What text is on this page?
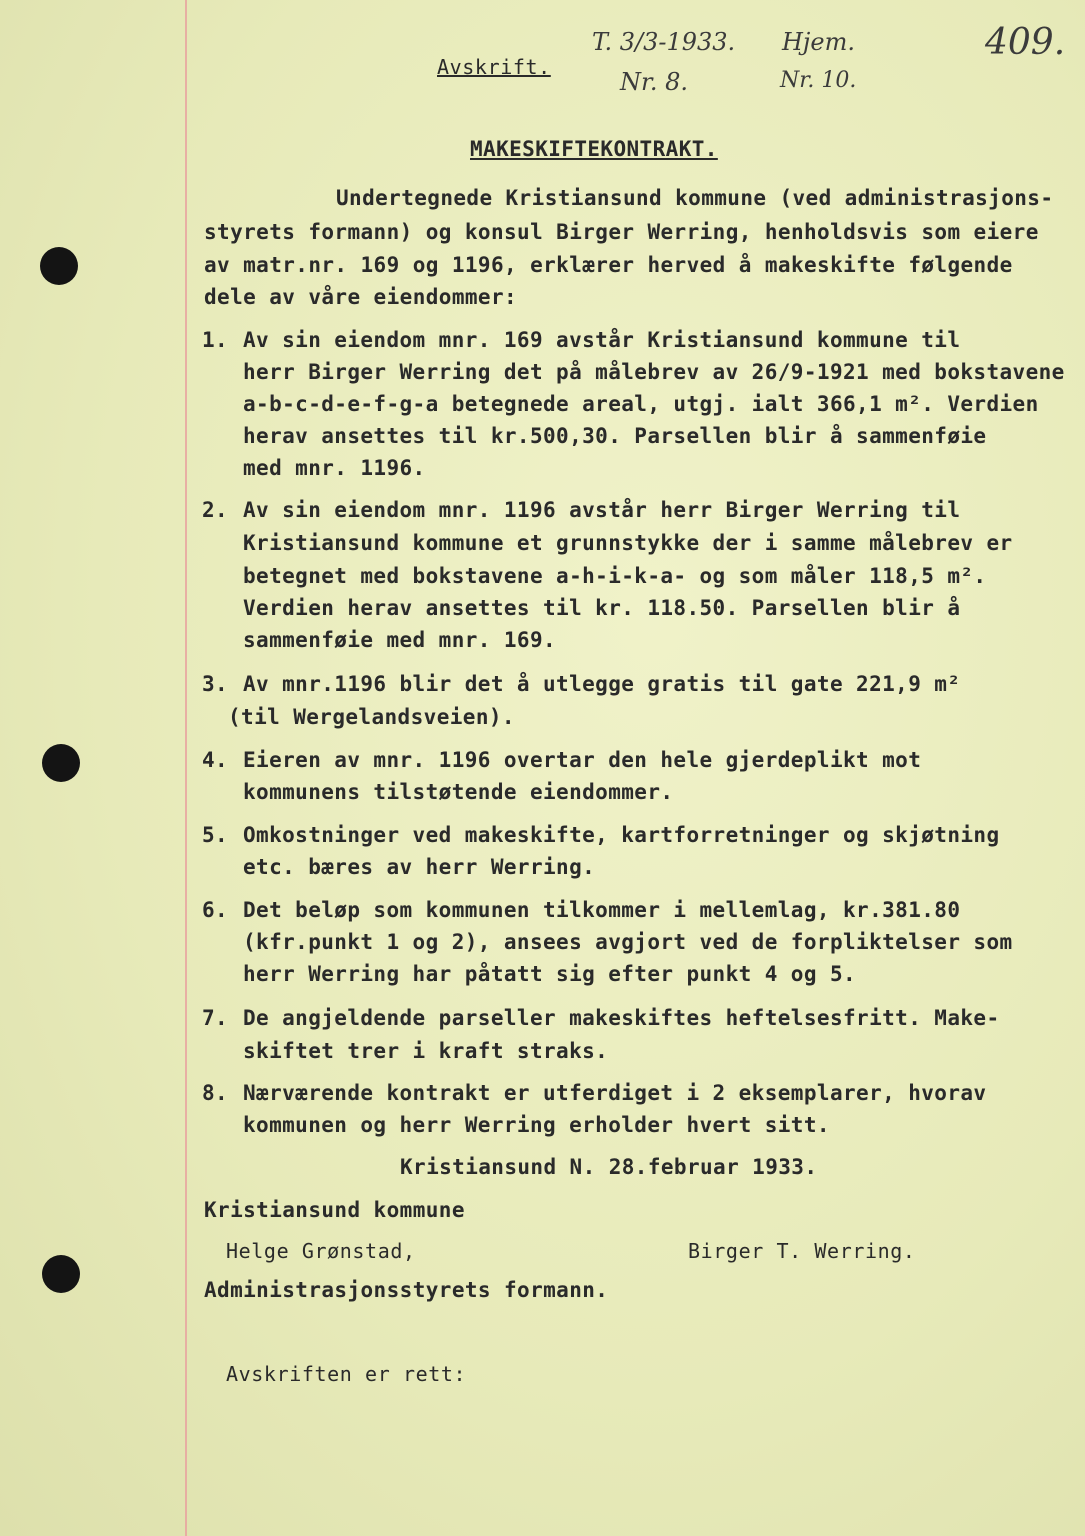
Avskrift.
T. 3/3-1933. Hjem.
Nr. 8.	Nr. 10.
409.
MAKESKIFTEKONTRAKT.
Undertegnede Kristiansund kommune (ved administrasjons-
styrets formann) og konsul Birger Werring, henholdsvis som eiere
av matr.nr. 169 og 1196, erklærer herved å makeskifte følgende
dele av våre eiendommer:
1. Av sin eiendom mnr. 169 avstår Kristiansund kommune til
herr Birger Werring det på målebrev av 26/9-1921 med bokstavene
a-b-c-d-e-f-g-a betegnede areal, utgj. ialt 366,1 m². Verdien
herav ansettes til kr.500,30. Parsellen blir å sammenføie
med mnr. 1196.
2. Av sin eiendom mnr. 1196 avstår herr Birger Werring til
Kristiansund kommune et grunnstykke der i samme målebrev er
betegnet med bokstavene a-h-i-k-a- og som måler 118,5 m².
Verdien herav ansettes til kr. 118.50. Parsellen blir å
sammenføie med mnr. 169.
3. Av mnr.1196 blir det å utlegge gratis til gate 221,9 m²
(til Wergelandsveien).
4. Eieren av mnr. 1196 overtar den hele gjerdeplikt mot
kommunens tilstøtende eiendommer.
5. Omkostninger ved makeskifte, kartforretninger og skjøtning
etc. bæres av herr Werring.
6. Det beløp som kommunen tilkommer i mellemlag, kr.381.80
(kfr.punkt 1 og 2), ansees avgjort ved de forpliktelser som
herr Werring har påtatt sig efter punkt 4 og 5.
7. De angjeldende parseller makeskiftes heftelsesfritt. Make-
skiftet trer i kraft straks.
8. Nærværende kontrakt er utferdiget i 2 eksemplarer, hvorav
kommunen og herr Werring erholder hvert sitt.
Kristiansund N. 28.februar 1933.
Kristiansund kommune
Helge Grønstad,	Birger T. Werring.
Administrasjonsstyrets formann.
Avskriften er rett:
